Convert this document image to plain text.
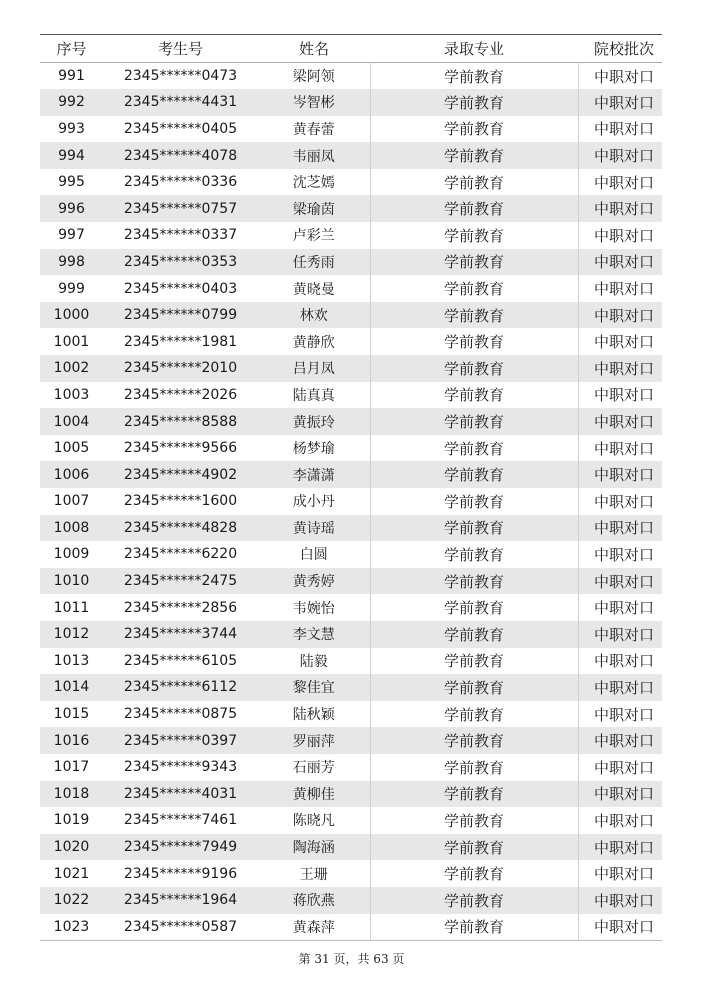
序号	考生号	姓名	录取专业	院校批次
991	2345******0473	梁阿领	学前教育	中职对口
992	2345******4431	岑智彬	学前教育	中职对口
993	2345******0405	黄春蕾	学前教育	中职对口
994	2345******4078	韦丽凤	学前教育	中职对口
995	2345******0336	沈芝嫣	学前教育	中职对口
996	2345******0757	梁瑜茵	学前教育	中职对口
997	2345******0337	卢彩兰	学前教育	中职对口
998	2345******0353	任秀雨	学前教育	中职对口
999	2345******0403	黄晓曼	学前教育	中职对口
1000	2345******0799	林欢	学前教育	中职对口
1001	2345******1981	黄静欣	学前教育	中职对口
1002	2345******2010	吕月凤	学前教育	中职对口
1003	2345******2026	陆真真	学前教育	中职对口
1004	2345******8588	黄振玲	学前教育	中职对口
1005	2345******9566	杨梦瑜	学前教育	中职对口
1006	2345******4902	李潇潇	学前教育	中职对口
1007	2345******1600	成小丹	学前教育	中职对口
1008	2345******4828	黄诗瑶	学前教育	中职对口
1009	2345******6220	白圆	学前教育	中职对口
1010	2345******2475	黄秀婷	学前教育	中职对口
1011	2345******2856	韦婉怡	学前教育	中职对口
1012	2345******3744	李文慧	学前教育	中职对口
1013	2345******6105	陆毅	学前教育	中职对口
1014	2345******6112	黎佳宜	学前教育	中职对口
1015	2345******0875	陆秋颖	学前教育	中职对口
1016	2345******0397	罗丽萍	学前教育	中职对口
1017	2345******9343	石丽芳	学前教育	中职对口
1018	2345******4031	黄柳佳	学前教育	中职对口
1019	2345******7461	陈晓凡	学前教育	中职对口
1020	2345******7949	陶海涵	学前教育	中职对口
1021	2345******9196	王珊	学前教育	中职对口
1022	2345******1964	蒋欣燕	学前教育	中职对口
1023	2345******0587	黄森萍	学前教育	中职对口
第 31 页，共 63 页
